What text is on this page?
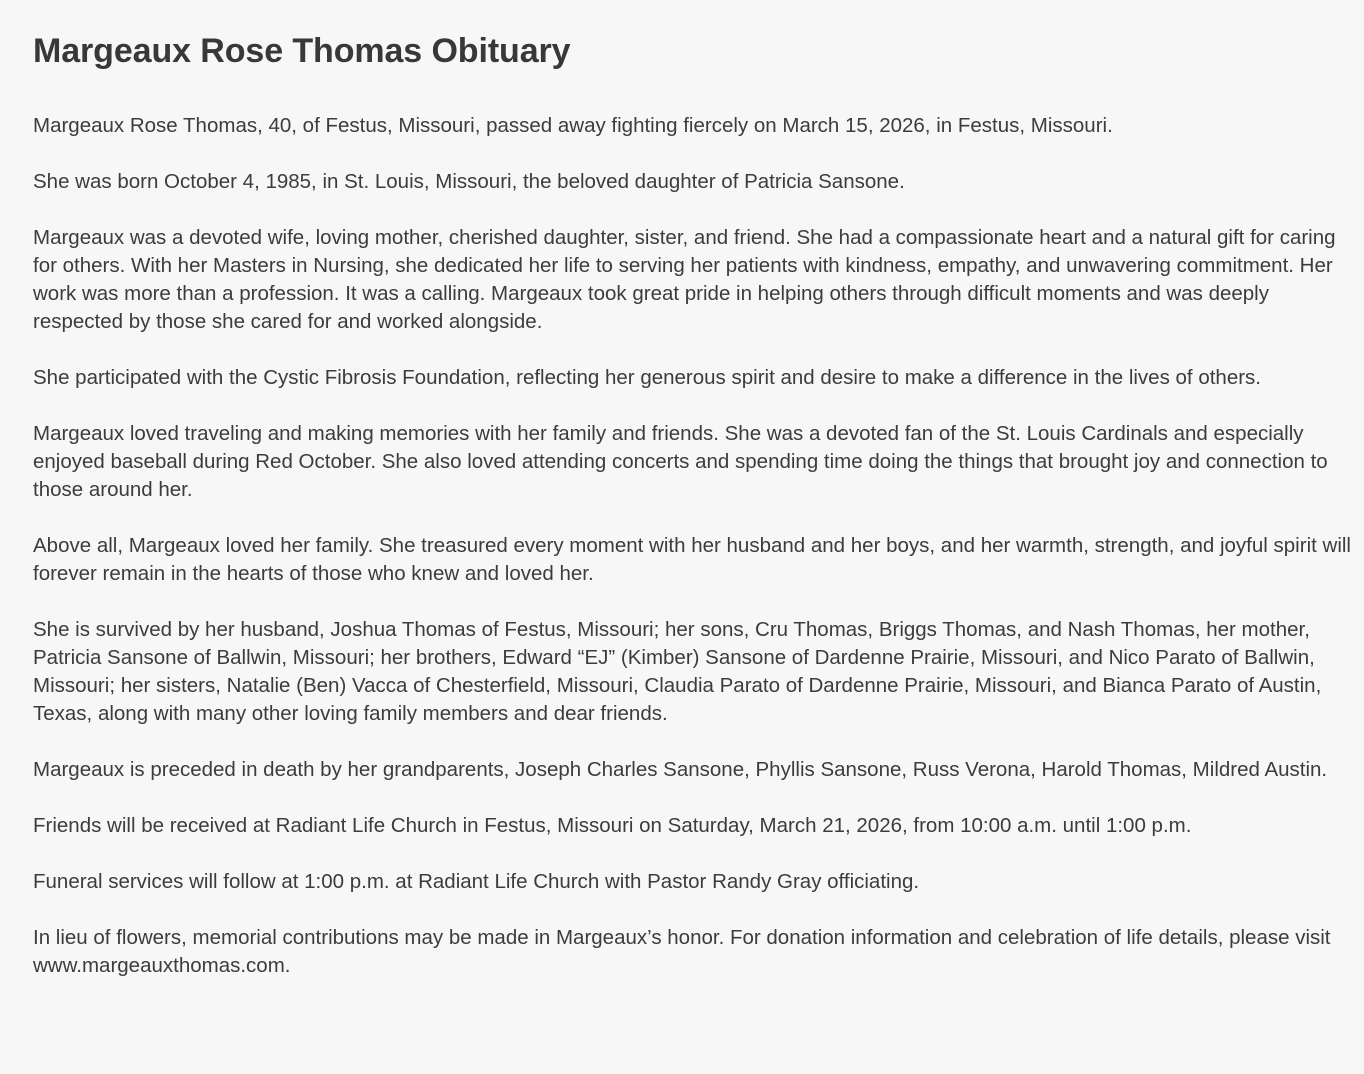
Margeaux Rose Thomas Obituary

Margeaux Rose Thomas, 40, of Festus, Missouri, passed away fighting fiercely on March 15, 2026, in Festus, Missouri.

She was born October 4, 1985, in St. Louis, Missouri, the beloved daughter of Patricia Sansone.

Margeaux was a devoted wife, loving mother, cherished daughter, sister, and friend. She had a compassionate heart and a natural gift for caring for others. With her Masters in Nursing, she dedicated her life to serving her patients with kindness, empathy, and unwavering commitment. Her work was more than a profession. It was a calling. Margeaux took great pride in helping others through difficult moments and was deeply respected by those she cared for and worked alongside.

She participated with the Cystic Fibrosis Foundation, reflecting her generous spirit and desire to make a difference in the lives of others.

Margeaux loved traveling and making memories with her family and friends. She was a devoted fan of the St. Louis Cardinals and especially enjoyed baseball during Red October. She also loved attending concerts and spending time doing the things that brought joy and connection to those around her.

Above all, Margeaux loved her family. She treasured every moment with her husband and her boys, and her warmth, strength, and joyful spirit will forever remain in the hearts of those who knew and loved her.

She is survived by her husband, Joshua Thomas of Festus, Missouri; her sons, Cru Thomas, Briggs Thomas, and Nash Thomas, her mother, Patricia Sansone of Ballwin, Missouri; her brothers, Edward “EJ” (Kimber) Sansone of Dardenne Prairie, Missouri, and Nico Parato of Ballwin, Missouri; her sisters, Natalie (Ben) Vacca of Chesterfield, Missouri, Claudia Parato of Dardenne Prairie, Missouri, and Bianca Parato of Austin, Texas, along with many other loving family members and dear friends.

Margeaux is preceded in death by her grandparents, Joseph Charles Sansone, Phyllis Sansone, Russ Verona, Harold Thomas, Mildred Austin.

Friends will be received at Radiant Life Church in Festus, Missouri on Saturday, March 21, 2026, from 10:00 a.m. until 1:00 p.m.

Funeral services will follow at 1:00 p.m. at Radiant Life Church with Pastor Randy Gray officiating.

In lieu of flowers, memorial contributions may be made in Margeaux’s honor. For donation information and celebration of life details, please visit www.margeauxthomas.com.
